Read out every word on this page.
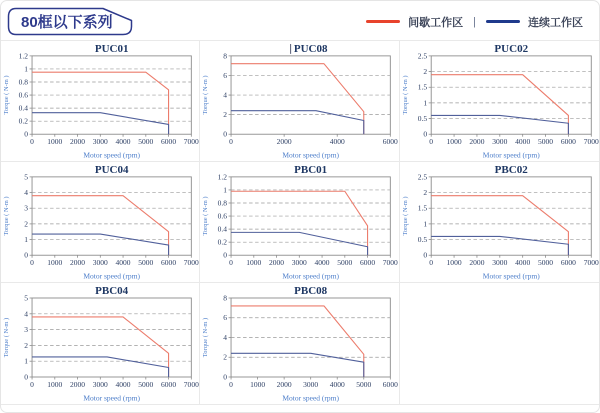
80框以下系列	间歇工作区 |	连续工作区
0
0.2
0.4
0.6
0.8
1
1.2
0 1000 2000 3000 4000 5000 6000 7000
PUC01
Torque ( N-m )
Motor speed (rpm)
0
2
4
6
8
0	2000	4000	6000
PUC08
Torque ( N-m )
Motor speed (rpm)
0
0.5
1
1.5
2
2.5
0 1000 2000 3000 4000 5000 6000 7000
PUC02
Torque ( N-m )
Motor speed (rpm)
0
1
2
3
4
5
0 1000 2000 3000 4000 5000 6000 7000
PUC04
Torque ( N-m )
Motor speed (rpm)
0
0.2
0.4
0.6
0.8
1
1.2
0 1000 2000 3000 4000 5000 6000 7000
PBC01
Torque ( N-m )
Motor speed (rpm)
0
0.5
1
1.5
2
2.5
0 1000 2000 3000 4000 5000 6000 7000
PBC02
Torque ( N-m )
Motor speed (rpm)
0
1
2
3
4
5
0 1000 2000 3000 4000 5000 6000 7000
PBC04
Torque ( N-m )
Motor speed (rpm)
0
2
4
6
8
0 1000 2000 3000 4000 5000 6000
PBC08
Torque ( N-m )
Motor speed (rpm)
